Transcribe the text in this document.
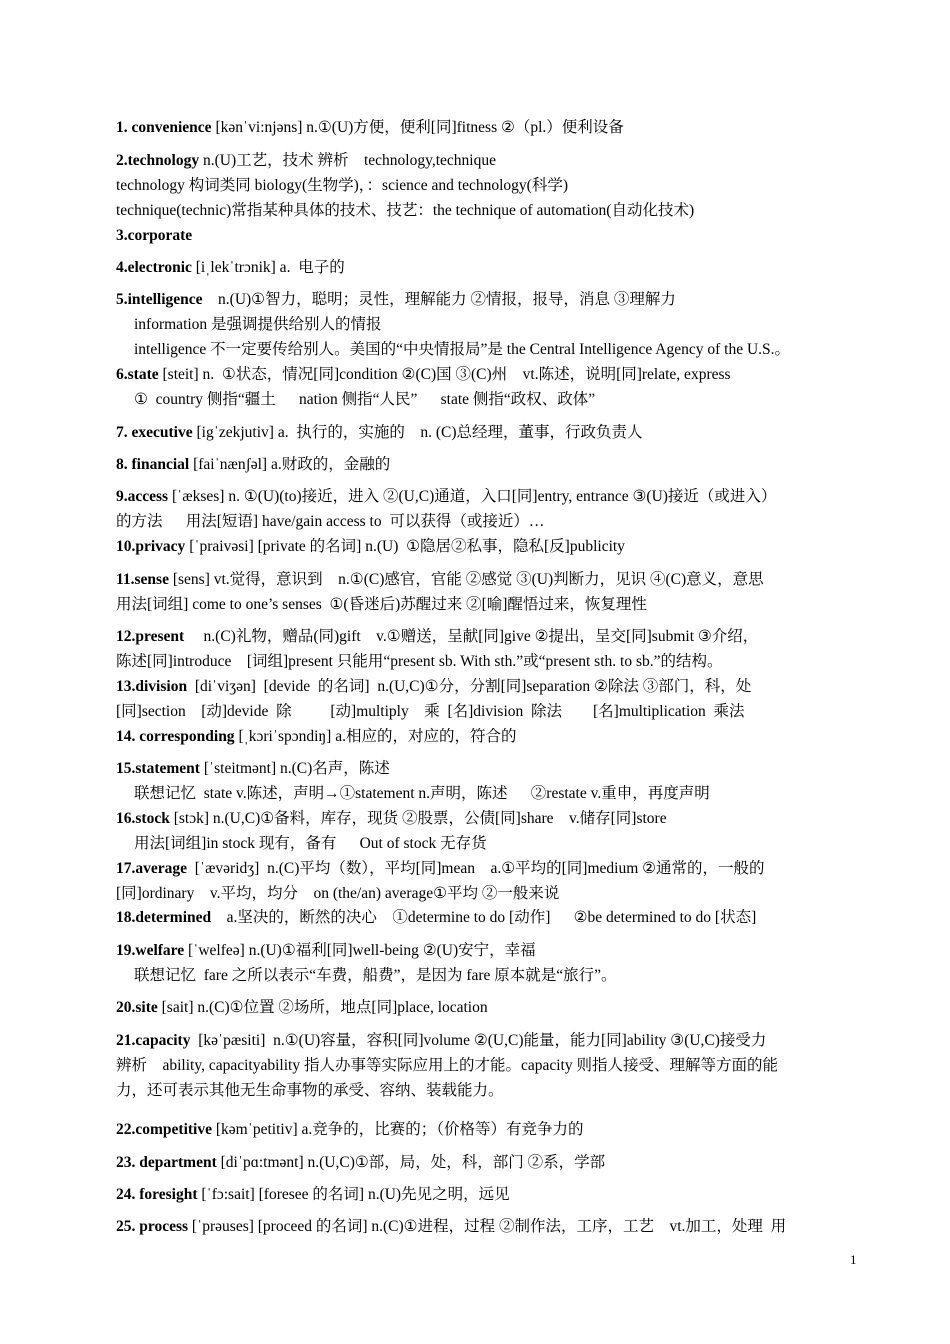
1. convenience [kənˈvi:njəns] n.①(U)方便，便利[同]fitness ②（pl.）便利设备
2.technology n.(U)工艺，技术 辨析    technology,technique
technology 构词类同 biology(生物学)，：science and technology(科学)
technique(technic)常指某种具体的技术、技艺：the technique of automation(自动化技术)
3.corporate
4.electronic [iˌlekˈtrɔnik] a.  电子的
5.intelligence    n.(U)①智力，聪明；灵性，理解能力 ②情报，报导，消息 ③理解力
information 是强调提供给别人的情报
intelligence 不一定要传给别人。美国的“中央情报局”是 the Central Intelligence Agency of the U.S.。
6.state [steit] n.  ①状态，情况[同]condition ②(C)国 ③(C)州    vt.陈述，说明[同]relate, express
①  country 侧指“疆土      nation 侧指“人民”      state 侧指“政权、政体”
7. executive [igˈzekjutiv] a.  执行的，实施的    n. (C)总经理，董事，行政负责人
8. financial [faiˈnænʃəl] a.财政的，金融的
9.access [ˈækses] n. ①(U)(to)接近，进入 ②(U,C)通道，入口[同]entry, entrance ③(U)接近（或进入）
的方法      用法[短语] have/gain access to  可以获得（或接近）…
10.privacy [ˈpraivəsi] [private 的名词] n.(U)  ①隐居②私事，隐私[反]publicity
11.sense [sens] vt.觉得，意识到    n.①(C)感官，官能 ②感觉 ③(U)判断力，见识 ④(C)意义，意思
用法[词组] come to one’s senses  ①(昏迷后)苏醒过来 ②[喻]醒悟过来，恢复理性
12.present     n.(C)礼物，赠品(同)gift    v.①赠送，呈献[同]give ②提出，呈交[同]submit ③介绍，
陈述[同]introduce    [词组]present 只能用“present sb. With sth.”或“present sth. to sb.”的结构。
13.division  [diˈviʒən]  [devide  的名词]  n.(U,C)①分，分割[同]separation ②除法 ③部门，科，处
[同]section    [动]devide  除          [动]multiply    乘  [名]division  除法        [名]multiplication  乘法
14. corresponding [ˌkɔriˈspɔndiŋ] a.相应的，对应的，符合的
15.statement [ˈsteitmənt] n.(C)名声，陈述
联想记忆  state v.陈述，声明→①statement n.声明，陈述      ②restate v.重申，再度声明
16.stock [stɔk] n.(U,C)①备料，库存，现货 ②股票，公债[同]share    v.储存[同]store
用法[词组]in stock 现有，备有      Out of stock 无存货
17.average  [ˈævəridʒ]  n.(C)平均（数），平均[同]mean    a.①平均的[同]medium ②通常的，一般的
[同]ordinary    v.平均，均分    on (the/an) average①平均 ②一般来说
18.determined    a.坚决的，断然的决心    ①determine to do [动作]      ②be determined to do [状态]
19.welfare [ˈwelfeə] n.(U)①福利[同]well-being ②(U)安宁，幸福
联想记忆  fare 之所以表示“车费，船费”，是因为 fare 原本就是“旅行”。
20.site [sait] n.(C)①位置 ②场所，地点[同]place, location
21.capacity  [kəˈpæsiti]  n.①(U)容量，容积[同]volume ②(U,C)能量，能力[同]ability ③(U,C)接受力
辨析    ability, capacityability 指人办事等实际应用上的才能。capacity 则指人接受、理解等方面的能
力，还可表示其他无生命事物的承受、容纳、装载能力。
22.competitive [kəmˈpetitiv] a.竞争的，比赛的；（价格等）有竞争力的
23. department [diˈpɑ:tmənt] n.(U,C)①部，局，处，科，部门 ②系，学部
24. foresight [ˈfɔ:sait] [foresee 的名词] n.(U)先见之明，远见
25. process [ˈprəuses] [proceed 的名词] n.(C)①进程，过程 ②制作法，工序，工艺    vt.加工，处理  用
1
